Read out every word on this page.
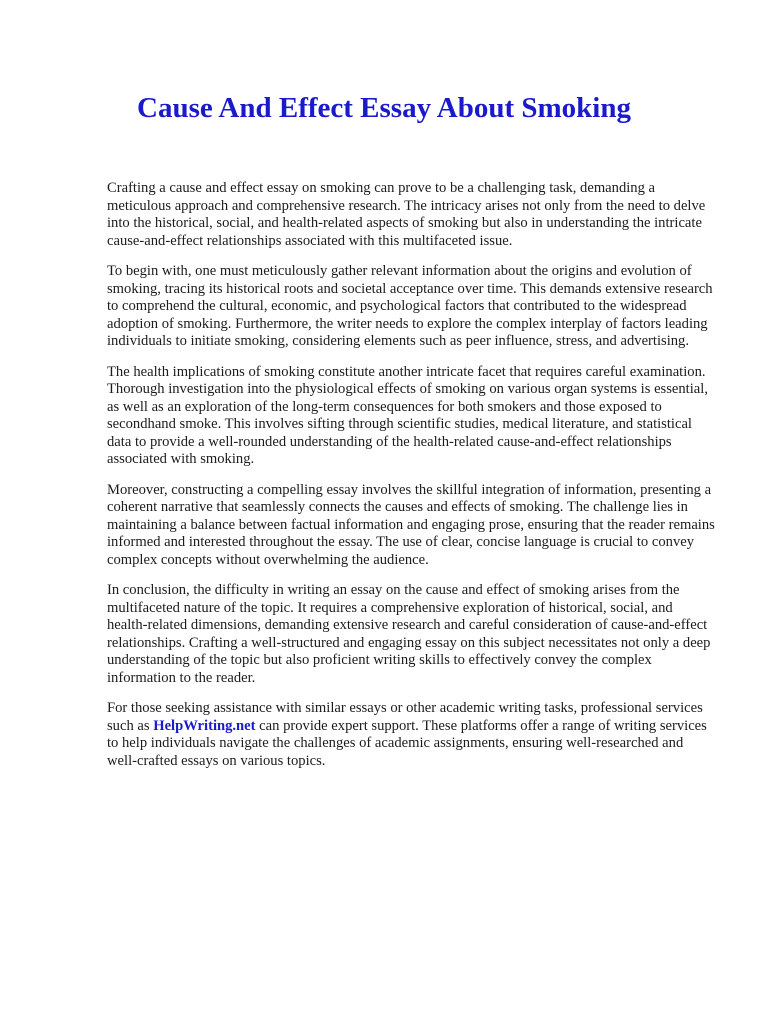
Cause And Effect Essay About Smoking

Crafting a cause and effect essay on smoking can prove to be a challenging task, demanding a meticulous approach and comprehensive research. The intricacy arises not only from the need to delve into the historical, social, and health-related aspects of smoking but also in understanding the intricate cause-and-effect relationships associated with this multifaceted issue.

To begin with, one must meticulously gather relevant information about the origins and evolution of smoking, tracing its historical roots and societal acceptance over time. This demands extensive research to comprehend the cultural, economic, and psychological factors that contributed to the widespread adoption of smoking. Furthermore, the writer needs to explore the complex interplay of factors leading individuals to initiate smoking, considering elements such as peer influence, stress, and advertising.

The health implications of smoking constitute another intricate facet that requires careful examination. Thorough investigation into the physiological effects of smoking on various organ systems is essential, as well as an exploration of the long-term consequences for both smokers and those exposed to secondhand smoke. This involves sifting through scientific studies, medical literature, and statistical data to provide a well-rounded understanding of the health-related cause-and-effect relationships associated with smoking.

Moreover, constructing a compelling essay involves the skillful integration of information, presenting a coherent narrative that seamlessly connects the causes and effects of smoking. The challenge lies in maintaining a balance between factual information and engaging prose, ensuring that the reader remains informed and interested throughout the essay. The use of clear, concise language is crucial to convey complex concepts without overwhelming the audience.

In conclusion, the difficulty in writing an essay on the cause and effect of smoking arises from the multifaceted nature of the topic. It requires a comprehensive exploration of historical, social, and health-related dimensions, demanding extensive research and careful consideration of cause-and-effect relationships. Crafting a well-structured and engaging essay on this subject necessitates not only a deep understanding of the topic but also proficient writing skills to effectively convey the complex information to the reader.

For those seeking assistance with similar essays or other academic writing tasks, professional services such as HelpWriting.net can provide expert support. These platforms offer a range of writing services to help individuals navigate the challenges of academic assignments, ensuring well-researched and well-crafted essays on various topics.
